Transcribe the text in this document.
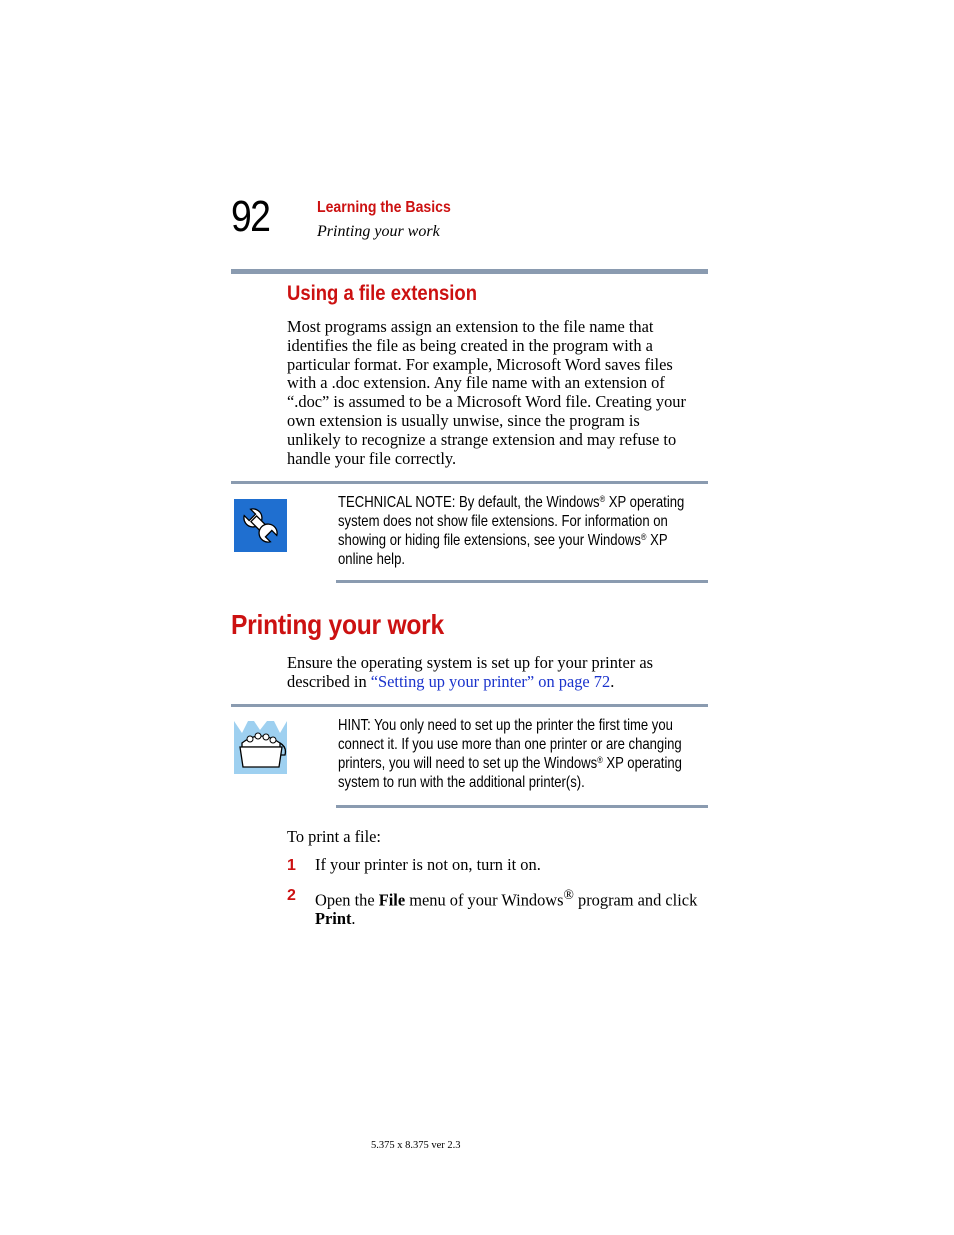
92	Learning the Basics
Printing your work
Using a file extension
Most programs assign an extension to the file name that
identifies the file as being created in the program with a
particular format. For example, Microsoft Word saves files
with a .doc extension. Any file name with an extension of
“.doc” is assumed to be a Microsoft Word file. Creating your
own extension is usually unwise, since the program is
unlikely to recognize a strange extension and may refuse to
handle your file correctly.
TECHNICAL NOTE: By default, the Windows® XP operating
system does not show file extensions. For information on
showing or hiding file extensions, see your Windows® XP
online help.
Printing your work
Ensure the operating system is set up for your printer as
described in “Setting up your printer” on page 72.
HINT: You only need to set up the printer the first time you
connect it. If you use more than one printer or are changing
printers, you will need to set up the Windows® XP operating
system to run with the additional printer(s).
To print a file:
1 If your printer is not on, turn it on.
2 Open the File menu of your Windows® program and click
Print.
5.375 x 8.375 ver 2.3
